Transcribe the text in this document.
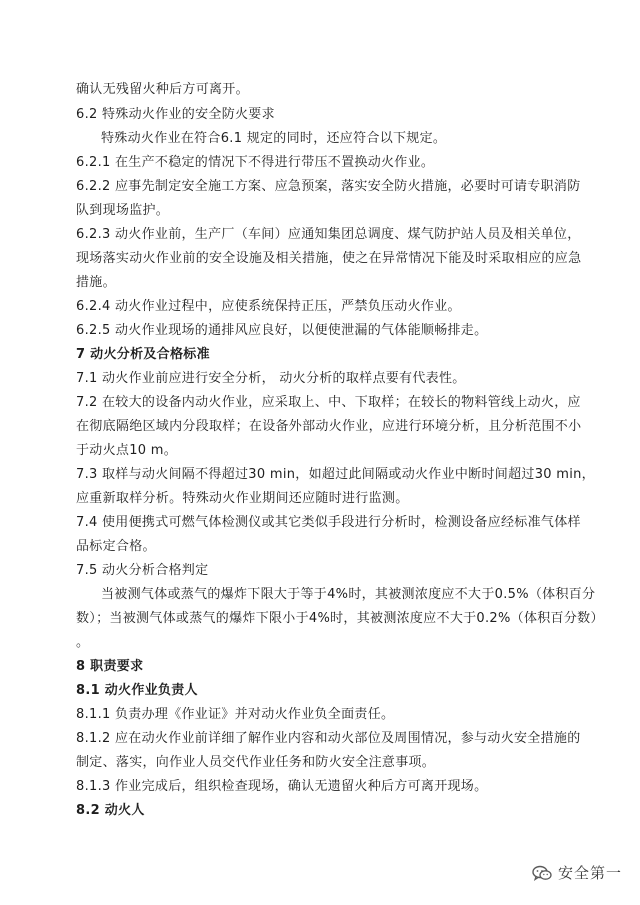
确认无残留火种后方可离开。
6.2 特殊动火作业的安全防火要求
特殊动火作业在符合6.1 规定的同时，还应符合以下规定。
6.2.1 在生产不稳定的情况下不得进行带压不置换动火作业。
6.2.2 应事先制定安全施工方案、应急预案，落实安全防火措施，必要时可请专职消防
队到现场监护。
6.2.3 动火作业前，生产厂（车间）应通知集团总调度、煤气防护站人员及相关单位，
现场落实动火作业前的安全设施及相关措施，使之在异常情况下能及时采取相应的应急
措施。
6.2.4 动火作业过程中，应使系统保持正压，严禁负压动火作业。
6.2.5 动火作业现场的通排风应良好，以便使泄漏的气体能顺畅排走。
7 动火分析及合格标准
7.1 动火作业前应进行安全分析， 动火分析的取样点要有代表性。
7.2 在较大的设备内动火作业，应采取上、中、下取样；在较长的物料管线上动火，应
在彻底隔绝区域内分段取样；在设备外部动火作业，应进行环境分析，且分析范围不小
于动火点10 m。
7.3 取样与动火间隔不得超过30 min，如超过此间隔或动火作业中断时间超过30 min，
应重新取样分析。特殊动火作业期间还应随时进行监测。
7.4 使用便携式可燃气体检测仪或其它类似手段进行分析时，检测设备应经标准气体样
品标定合格。
7.5 动火分析合格判定
当被测气体或蒸气的爆炸下限大于等于4%时，其被测浓度应不大于0.5%（体积百分
数）；当被测气体或蒸气的爆炸下限小于4%时，其被测浓度应不大于0.2%（体积百分数）
。
8 职责要求
8.1 动火作业负责人
8.1.1 负责办理《作业证》并对动火作业负全面责任。
8.1.2 应在动火作业前详细了解作业内容和动火部位及周围情况，参与动火安全措施的
制定、落实，向作业人员交代作业任务和防火安全注意事项。
8.1.3 作业完成后，组织检查现场，确认无遗留火种后方可离开现场。
8.2 动火人
安全第一
